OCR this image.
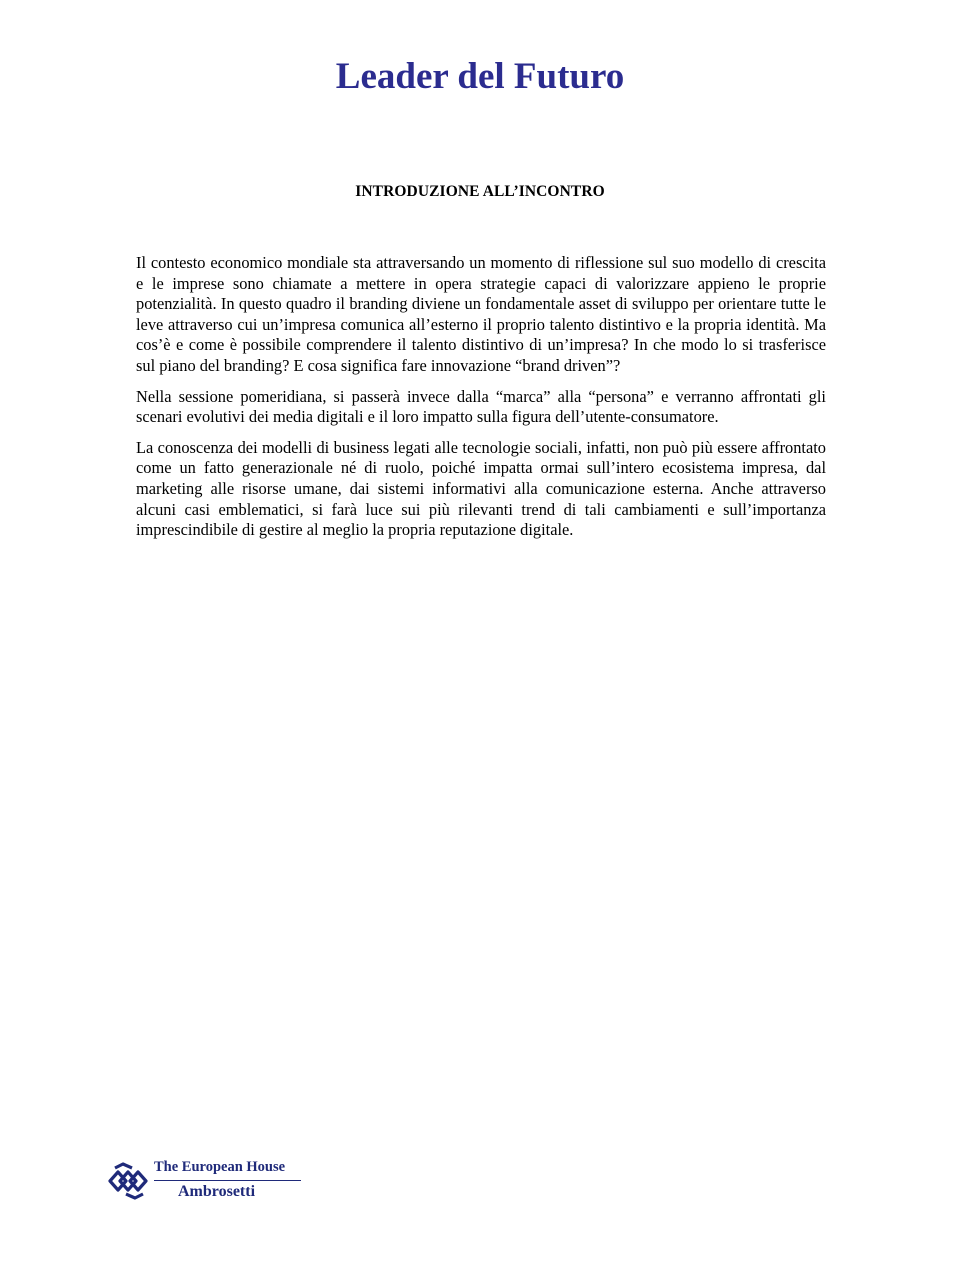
Leader del Futuro
INTRODUZIONE ALL’INCONTRO

Il contesto economico mondiale sta attraversando un momento di riflessione sul suo modello di crescita e le imprese sono chiamate a mettere in opera strategie capaci di valorizzare appieno le proprie potenzialità. In questo quadro il branding diviene un fondamentale asset di sviluppo per orientare tutte le leve attraverso cui un’impresa comunica all’esterno il proprio talento distintivo e la propria identità. Ma cos’è e come è possibile comprendere il talento distintivo di un’impresa? In che modo lo si trasferisce sul piano del branding? E cosa significa fare innovazione “brand driven”?

Nella sessione pomeridiana, si passerà invece dalla “marca” alla “persona” e verranno affrontati gli scenari evolutivi dei media digitali e il loro impatto sulla figura dell’utente-consumatore.

La conoscenza dei modelli di business legati alle tecnologie sociali, infatti, non può più essere affrontato come un fatto generazionale né di ruolo, poiché impatta ormai sull’intero ecosistema impresa, dal marketing alle risorse umane, dai sistemi informativi alla comunicazione esterna. Anche attraverso alcuni casi emblematici, si farà luce sui più rilevanti trend di tali cambiamenti e sull’importanza imprescindibile di gestire al meglio la propria reputazione digitale.

The European House
Ambrosetti
